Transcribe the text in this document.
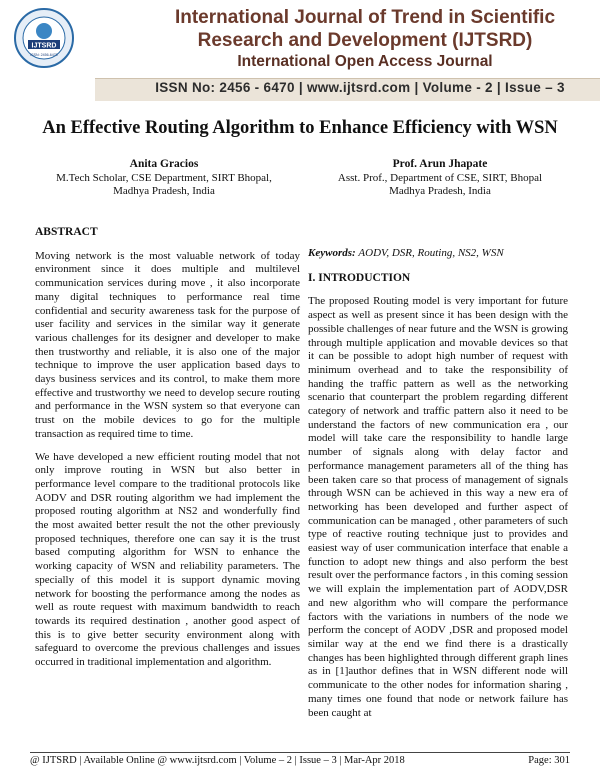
IJTSRD
ISSN: 2456-6470
International Journal of Trend in Scientific
Research and Development (IJTSRD)
International Open Access Journal
ISSN No: 2456 - 6470 | www.ijtsrd.com | Volume - 2 | Issue – 3
An Effective Routing Algorithm to Enhance Efficiency with WSN
Anita Gracios
M.Tech Scholar, CSE Department, SIRT Bhopal,
Madhya Pradesh, India
Prof. Arun Jhapate
Asst. Prof., Department of CSE, SIRT, Bhopal
Madhya Pradesh, India
ABSTRACT

Moving network is the most valuable network of today environment since it does multiple and multilevel communication services during move , it also incorporate many digital techniques to performance real time confidential and security awareness task for the purpose of user facility and services in the similar way it generate various challenges for its designer and developer to make then trustworthy and reliable, it is also one of the major technique to improve the user application based days to days business services and its control, to make them more effective and trustworthy we need to develop secure routing and performance in the WSN system so that everyone can trust on the mobile devices to go for the multiple transaction as required time to time.

We have developed a new efficient routing model that not only improve routing in WSN but also better in performance level compare to the traditional protocols like AODV and DSR routing algorithm we had implement the proposed routing algorithm at NS2 and wonderfully find the most awaited better result the not the other previously proposed techniques, therefore one can say it is the trust based computing algorithm for WSN to enhance the working capacity of WSN and reliability parameters. The specially of this model it is support dynamic moving network for boosting the performance among the nodes as well as route request with maximum bandwidth to reach towards its required destination , another good aspect of this is to give better security environment along with safeguard to overcome the previous challenges and issues occurred in traditional implementation and algorithm.

Keywords: AODV, DSR, Routing, NS2, WSN
I. INTRODUCTION

The proposed Routing model is very important for future aspect as well as present since it has been design with the possible challenges of near future and the WSN is growing through multiple application and movable devices so that it can be possible to adopt high number of request with minimum overhead and to take the responsibility of handing the traffic pattern as well as the networking scenario that counterpart the problem regarding different category of network and traffic pattern also it need to be understand the factors of new communication era , our model will take care the responsibility to handle large number of signals along with delay factor and performance management parameters all of the thing has been taken care so that process of management of signals through WSN can be achieved in this way a new era of networking has been developed and further aspect of communication can be managed , other parameters of such type of reactive routing technique just to provides and easiest way of user communication interface that enable a function to adopt new things and also perform the best result over the performance factors , in this coming session we will explain the implementation part of AODV,DSR and new algorithm who will compare the performance factors with the variations in numbers of the node we perform the concept of AODV ,DSR and proposed model similar way at the end we find there is a drastically changes has been highlighted through different graph lines as in [1]author defines that in WSN different node will communicate to the other nodes for information sharing , many times one found that node or network failure has been caught at

@ IJTSRD | Available Online @ www.ijtsrd.com | Volume – 2 | Issue – 3 | Mar-Apr 2018	Page: 301
